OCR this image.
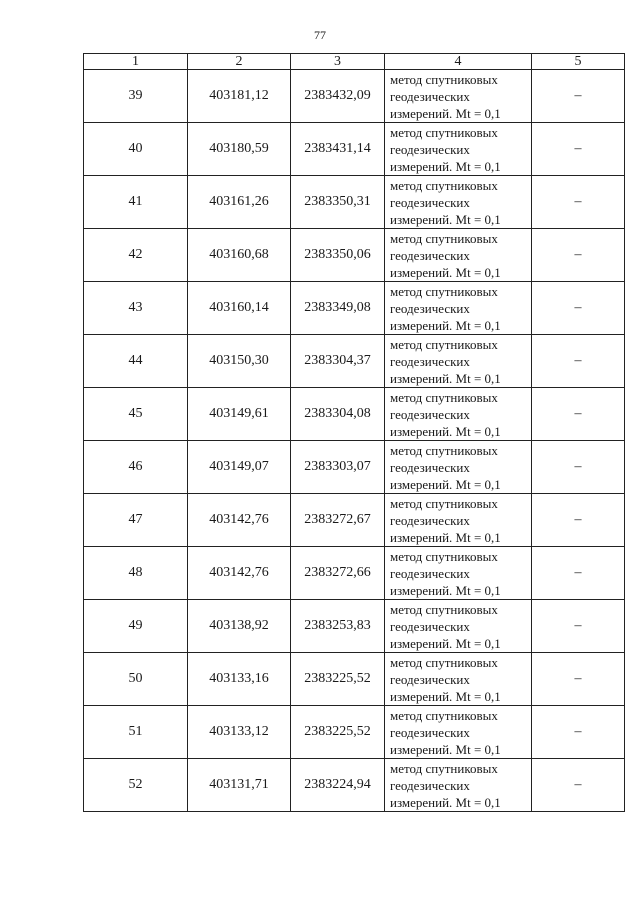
77
1	2	3	4	5
39	403181,12	2383432,09	метод спутниковых
геодезических
измерений. Mt = 0,1	–
40	403180,59	2383431,14	метод спутниковых
геодезических
измерений. Mt = 0,1	–
41	403161,26	2383350,31	метод спутниковых
геодезических
измерений. Mt = 0,1	–
42	403160,68	2383350,06	метод спутниковых
геодезических
измерений. Mt = 0,1	–
43	403160,14	2383349,08	метод спутниковых
геодезических
измерений. Mt = 0,1	–
44	403150,30	2383304,37	метод спутниковых
геодезических
измерений. Mt = 0,1	–
45	403149,61	2383304,08	метод спутниковых
геодезических
измерений. Mt = 0,1	–
46	403149,07	2383303,07	метод спутниковых
геодезических
измерений. Mt = 0,1	–
47	403142,76	2383272,67	метод спутниковых
геодезических
измерений. Mt = 0,1	–
48	403142,76	2383272,66	метод спутниковых
геодезических
измерений. Mt = 0,1	–
49	403138,92	2383253,83	метод спутниковых
геодезических
измерений. Mt = 0,1	–
50	403133,16	2383225,52	метод спутниковых
геодезических
измерений. Mt = 0,1	–
51	403133,12	2383225,52	метод спутниковых
геодезических
измерений. Mt = 0,1	–
52	403131,71	2383224,94	метод спутниковых
геодезических
измерений. Mt = 0,1	–
